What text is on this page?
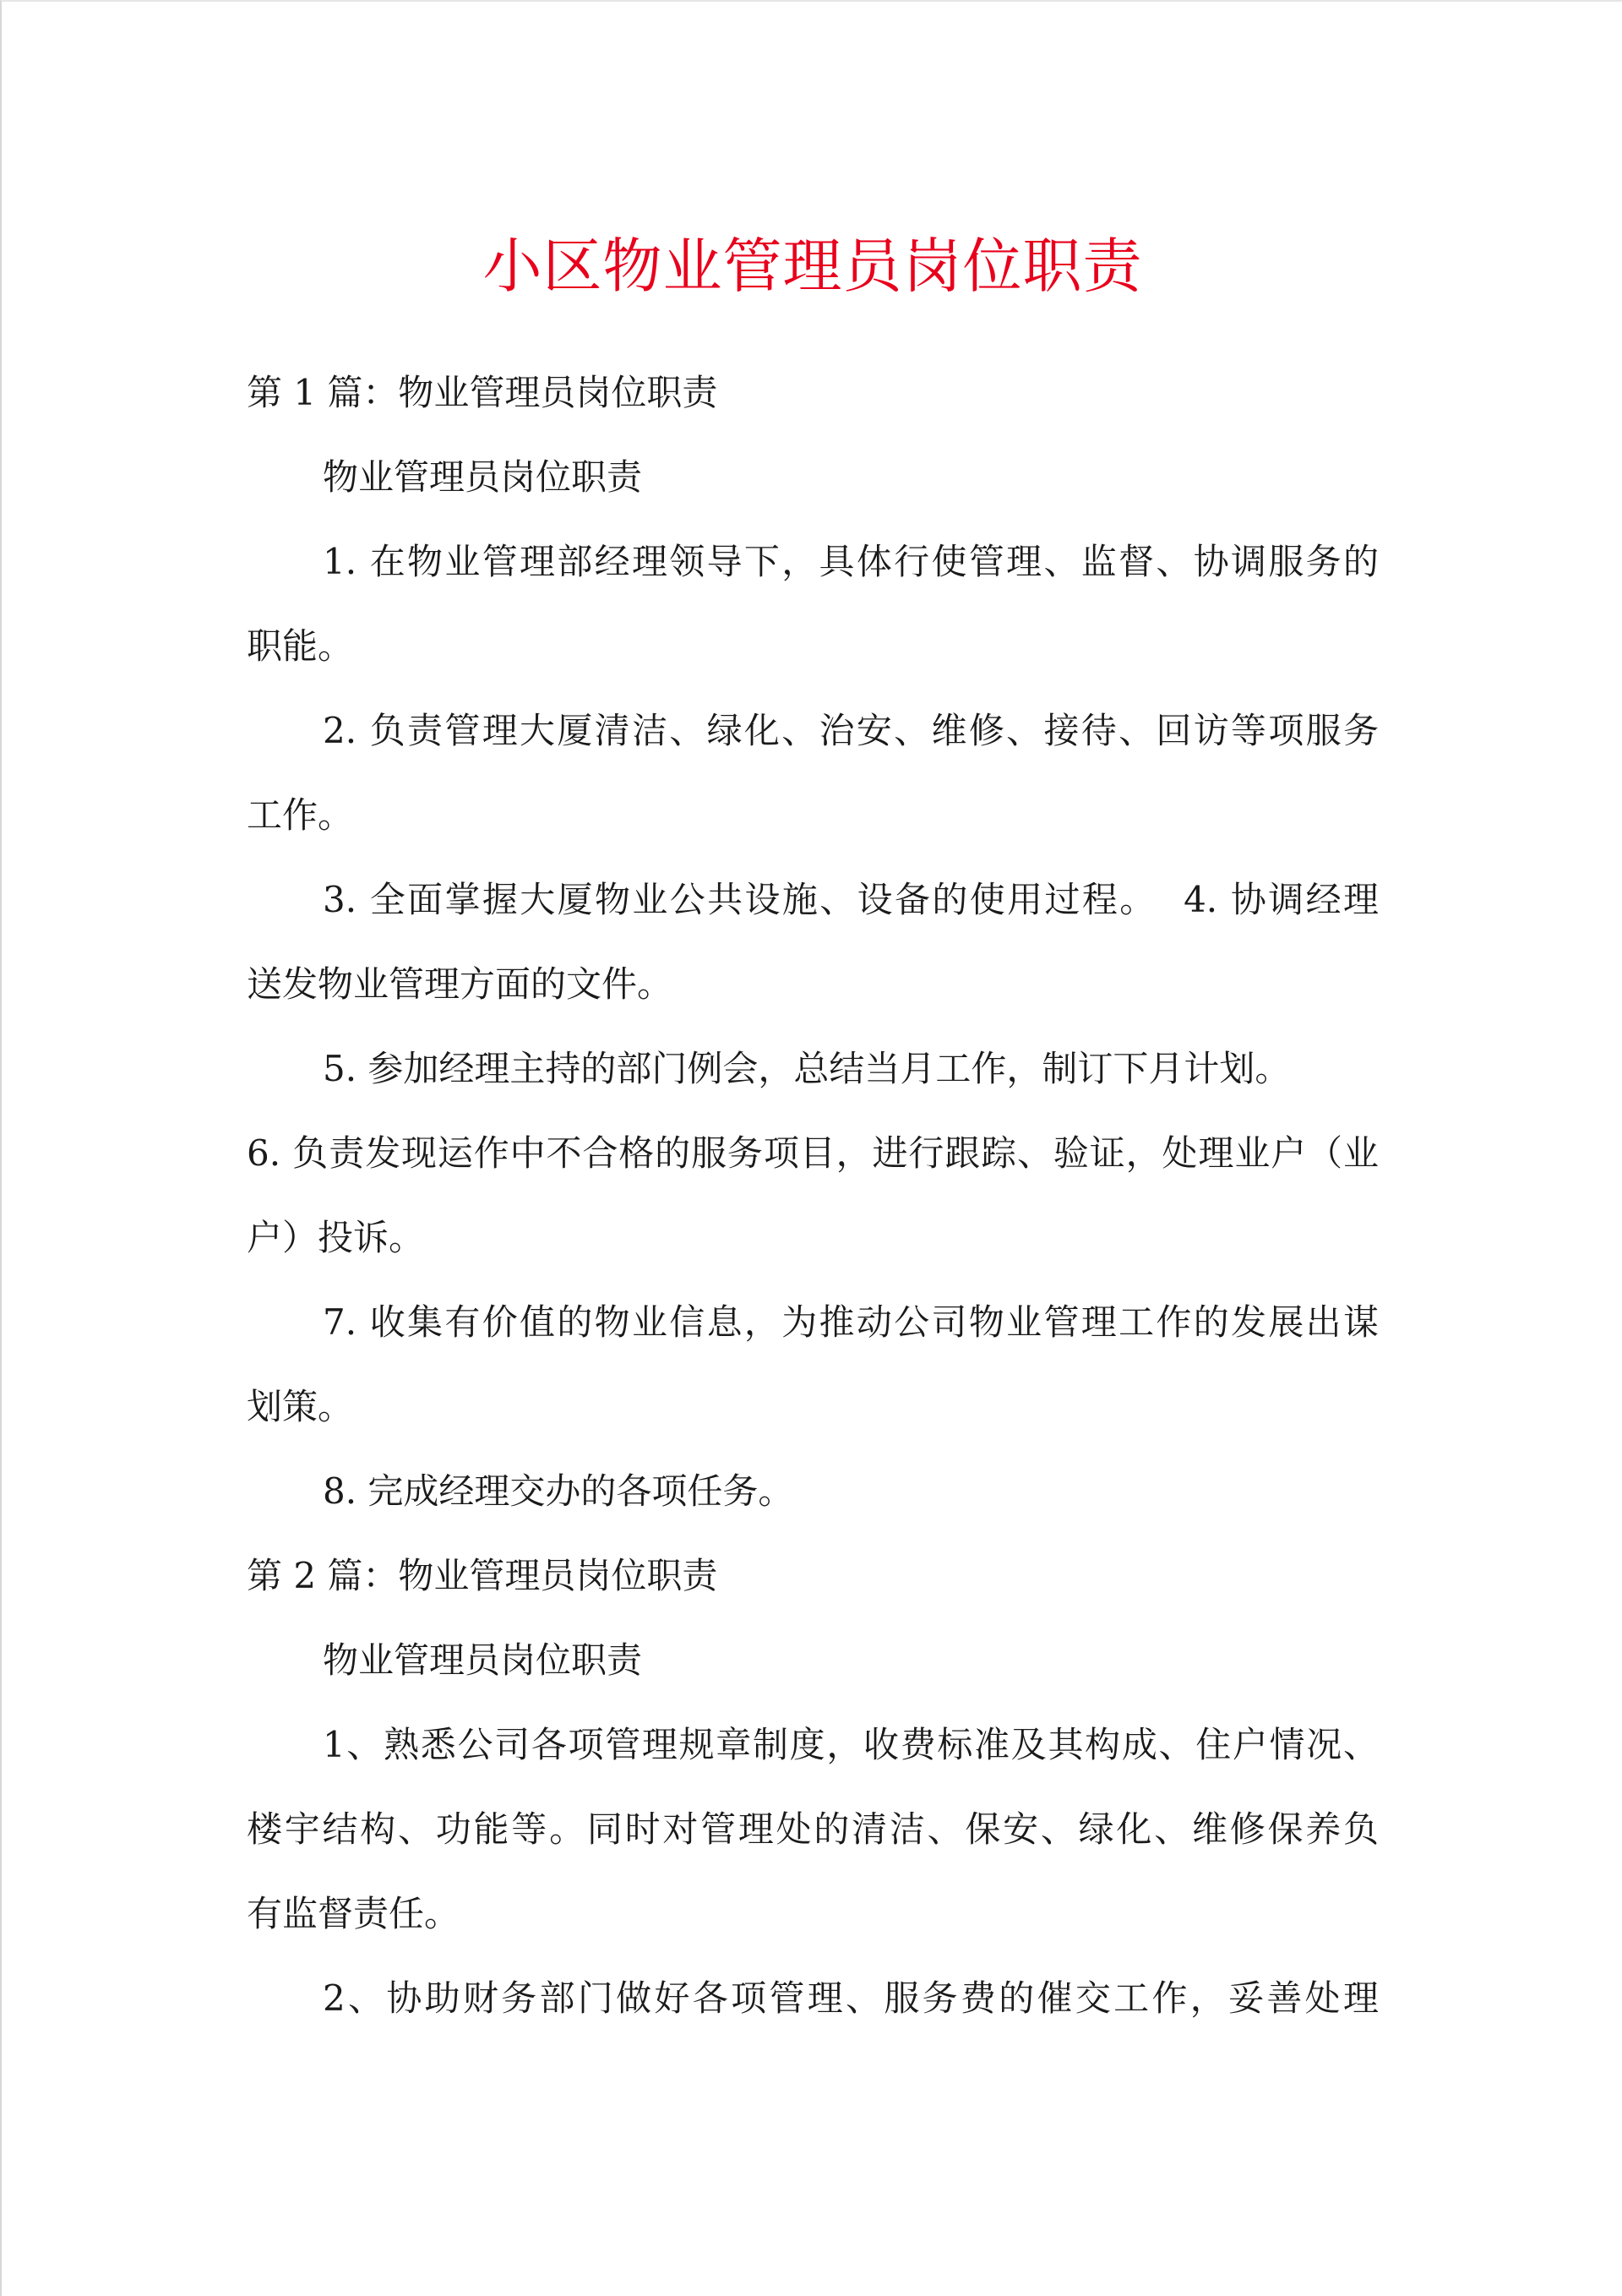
小区物业管理员岗位职责
第 1 篇：物业管理员岗位职责
物业管理员岗位职责
1. 在物业管理部经理领导下，具体行使管理、监督、协调服务的
职能。
2. 负责管理大厦清洁、绿化、治安、维修、接待、回访等项服务
工作。
3. 全面掌握大厦物业公共设施、设备的使用过程。  4. 协调经理
送发物业管理方面的文件。
5. 参加经理主持的部门例会，总结当月工作，制订下月计划。
6. 负责发现运作中不合格的服务项目，进行跟踪、验证，处理业户（业
户）投诉。
7. 收集有价值的物业信息，为推动公司物业管理工作的发展出谋
划策。
8. 完成经理交办的各项任务。
第 2 篇：物业管理员岗位职责
物业管理员岗位职责
1、熟悉公司各项管理规章制度，收费标准及其构成、住户情况、
楼宇结构、功能等。同时对管理处的清洁、保安、绿化、维修保养负
有监督责任。
2、协助财务部门做好各项管理、服务费的催交工作，妥善处理
